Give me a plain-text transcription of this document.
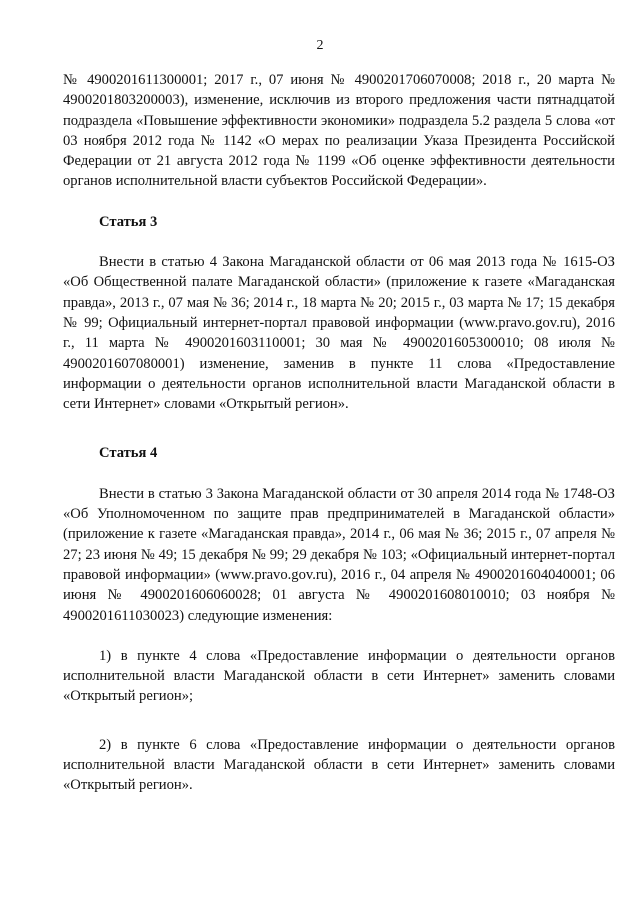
2

№ 4900201611300001; 2017 г., 07 июня № 4900201706070008; 2018 г., 20 марта № 4900201803200003), изменение, исключив из второго предложения части пятнадцатой подраздела «Повышение эффективности экономики» подраздела 5.2 раздела 5 слова «от 03 ноября 2012 года № 1142 «О мерах по реализации Указа Президента Российской Федерации от 21 августа 2012 года № 1199 «Об оценке эффективности деятельности органов исполнительной власти субъектов Российской Федерации».

Статья 3

Внести в статью 4 Закона Магаданской области от 06 мая 2013 года № 1615-ОЗ «Об Общественной палате Магаданской области» (приложение к газете «Магаданская правда», 2013 г., 07 мая № 36; 2014 г., 18 марта № 20; 2015 г., 03 марта № 17; 15 декабря № 99; Официальный интернет-портал правовой информации (www.pravo.gov.ru), 2016 г., 11 марта № 4900201603110001; 30 мая № 4900201605300010; 08 июля № 4900201607080001) изменение, заменив в пункте 11 слова «Предоставление информации о деятельности органов исполнительной власти Магаданской области в сети Интернет» словами «Открытый регион».

Статья 4

Внести в статью 3 Закона Магаданской области от 30 апреля 2014 года № 1748-ОЗ «Об Уполномоченном по защите прав предпринимателей в Магаданской области» (приложение к газете «Магаданская правда», 2014 г., 06 мая № 36; 2015 г., 07 апреля № 27; 23 июня № 49; 15 декабря № 99; 29 декабря № 103; «Официальный интернет-портал правовой информации» (www.pravo.gov.ru), 2016 г., 04 апреля № 4900201604040001; 06 июня № 4900201606060028; 01 августа № 4900201608010010; 03 ноября № 4900201611030023) следующие изменения:

1) в пункте 4 слова «Предоставление информации о деятельности органов исполнительной власти Магаданской области в сети Интернет» заменить словами «Открытый регион»;

2) в пункте 6 слова «Предоставление информации о деятельности органов исполнительной власти Магаданской области в сети Интернет» заменить словами «Открытый регион».
